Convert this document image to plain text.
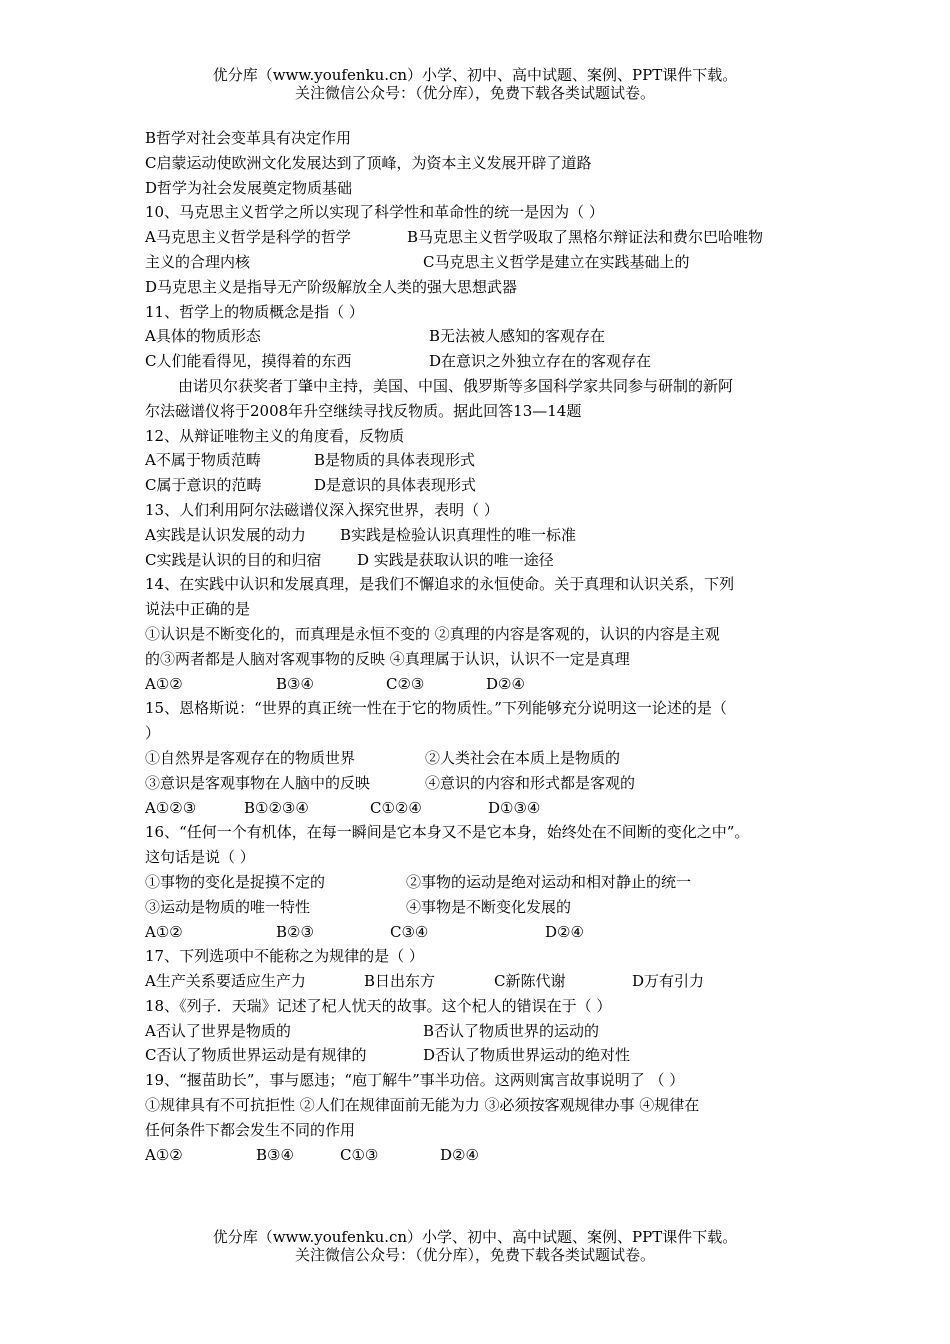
优分库（www.youfenku.cn）小学、初中、高中试题、案例、PPT课件下载。
关注微信公众号：（优分库），免费下载各类试题试卷。
B哲学对社会变革具有决定作用
C启蒙运动使欧洲文化发展达到了顶峰，为资本主义发展开辟了道路
D哲学为社会发展奠定物质基础
10、马克思主义哲学之所以实现了科学性和革命性的统一是因为（ ）
A马克思主义哲学是科学的哲学	B马克思主义哲学吸取了黑格尔辩证法和费尔巴哈唯物
主义的合理内核	C马克思主义哲学是建立在实践基础上的
D马克思主义是指导无产阶级解放全人类的强大思想武器
11、哲学上的物质概念是指（ ）
A具体的物质形态	B无法被人感知的客观存在
C人们能看得见，摸得着的东西	D在意识之外独立存在的客观存在
由诺贝尔获奖者丁肇中主持，美国、中国、俄罗斯等多国科学家共同参与研制的新阿
尔法磁谱仪将于2008年升空继续寻找反物质。据此回答13—14题
12、从辩证唯物主义的角度看，反物质
A不属于物质范畴	B是物质的具体表现形式
C属于意识的范畴	D是意识的具体表现形式
13、人们利用阿尔法磁谱仪深入探究世界，表明（ ）
A实践是认识发展的动力	B实践是检验认识真理性的唯一标准
C实践是认识的目的和归宿	D 实践是获取认识的唯一途径
14、在实践中认识和发展真理，是我们不懈追求的永恒使命。关于真理和认识关系，下列
说法中正确的是
①认识是不断变化的，而真理是永恒不变的 ②真理的内容是客观的，认识的内容是主观
的③两者都是人脑对客观事物的反映 ④真理属于认识，认识不一定是真理
A①②	B③④	C②③	D②④
15、恩格斯说：“世界的真正统一性在于它的物质性。”下列能够充分说明这一论述的是（
）
①自然界是客观存在的物质世界	②人类社会在本质上是物质的
③意识是客观事物在人脑中的反映	④意识的内容和形式都是客观的
A①②③	B①②③④	C①②④	D①③④
16、“任何一个有机体，在每一瞬间是它本身又不是它本身，始终处在不间断的变化之中”。
这句话是说（ ）
①事物的变化是捉摸不定的	②事物的运动是绝对运动和相对静止的统一
③运动是物质的唯一特性	④事物是不断变化发展的
A①②	B②③	C③④	D②④
17、下列选项中不能称之为规律的是（ ）
A生产关系要适应生产力	B日出东方	C新陈代谢	D万有引力
18、《列子．天瑞》记述了杞人忧天的故事。这个杞人的错误在于（ ）
A否认了世界是物质的	B否认了物质世界的运动的
C否认了物质世界运动是有规律的	D否认了物质世界运动的绝对性
19、“揠苗助长”，事与愿违；“庖丁解牛”事半功倍。这两则寓言故事说明了 （ ）
①规律具有不可抗拒性 ②人们在规律面前无能为力 ③必须按客观规律办事 ④规律在
任何条件下都会发生不同的作用
A①②	B③④	C①③	D②④
优分库（www.youfenku.cn）小学、初中、高中试题、案例、PPT课件下载。
关注微信公众号：（优分库），免费下载各类试题试卷。
